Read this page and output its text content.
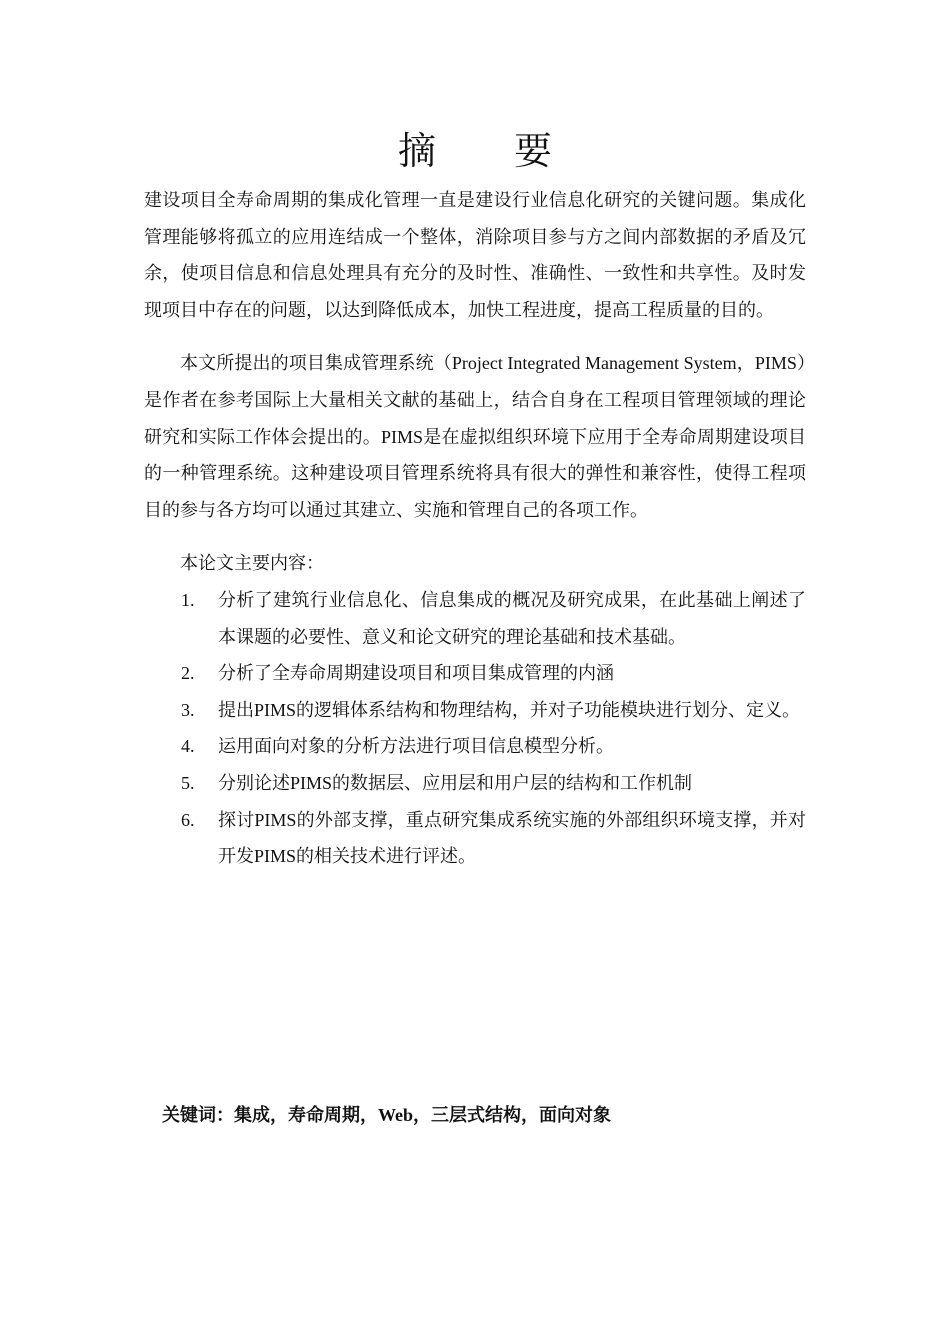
摘 要

建设项目全寿命周期的集成化管理一直是建设行业信息化研究的关键问题。集成化管理能够将孤立的应用连结成一个整体，消除项目参与方之间内部数据的矛盾及冗余，使项目信息和信息处理具有充分的及时性、准确性、一致性和共享性。及时发现项目中存在的问题，以达到降低成本，加快工程进度，提高工程质量的目的。

本文所提出的项目集成管理系统（Project Integrated Management System，PIMS）是作者在参考国际上大量相关文献的基础上，结合自身在工程项目管理领域的理论研究和实际工作体会提出的。PIMS是在虚拟组织环境下应用于全寿命周期建设项目的一种管理系统。这种建设项目管理系统将具有很大的弹性和兼容性，使得工程项目的参与各方均可以通过其建立、实施和管理自己的各项工作。

本论文主要内容：

1. 分析了建筑行业信息化、信息集成的概况及研究成果，在此基础上阐述了本课题的必要性、意义和论文研究的理论基础和技术基础。
2. 分析了全寿命周期建设项目和项目集成管理的内涵
3. 提出PIMS的逻辑体系结构和物理结构，并对子功能模块进行划分、定义。
4. 运用面向对象的分析方法进行项目信息模型分析。
5. 分别论述PIMS的数据层、应用层和用户层的结构和工作机制
6. 探讨PIMS的外部支撑，重点研究集成系统实施的外部组织环境支撑，并对开发PIMS的相关技术进行评述。
关键词：集成，寿命周期，Web，三层式结构，面向对象
